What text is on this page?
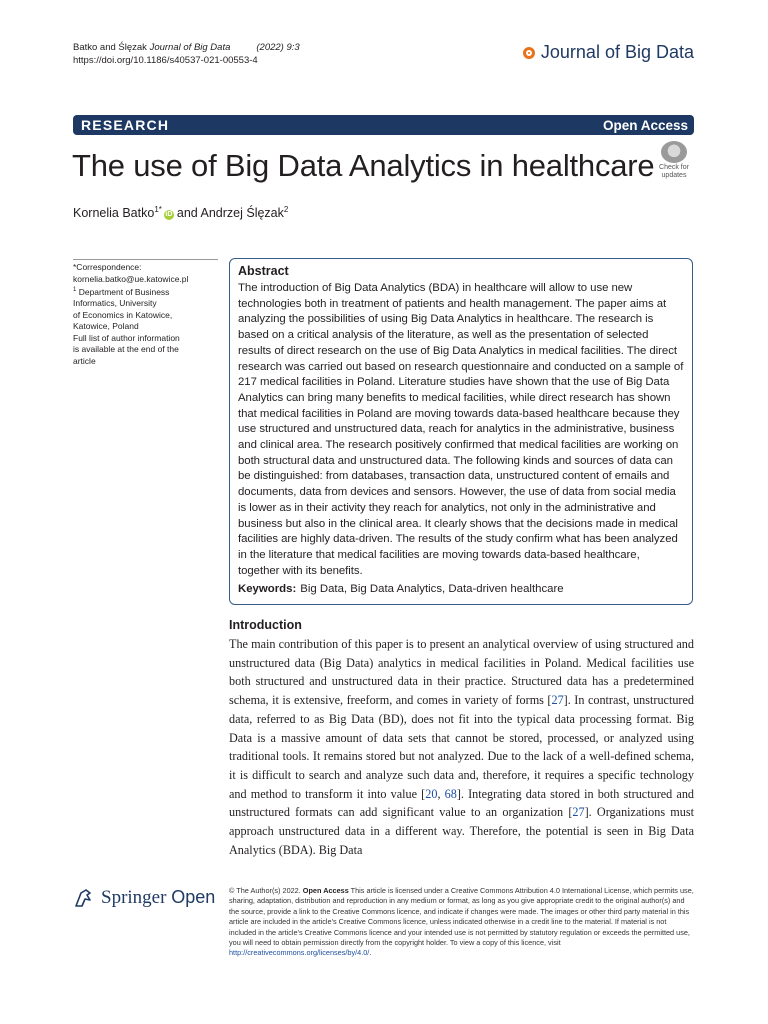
Batko and Ślęzak Journal of Big Data	(2022) 9:3
https://doi.org/10.1186/s40537-021-00553-4	Journal of Big Data
RESEARCH	Open Access
The use of Big Data Analytics in healthcare Check for
updates
Kornelia Batko$^{1*}$iD and Andrzej Ślęzak$^2$
*Correspondence:
kornelia.batko@ue.katowice.pl
$^1$ Department of Business
Informatics, University
of Economics in Katowice,
Katowice, Poland
Full list of author information
is available at the end of the
article
Abstract

The introduction of Big Data Analytics (BDA) in healthcare will allow to use new technologies both in treatment of patients and health management. The paper aims at analyzing the possibilities of using Big Data Analytics in healthcare. The research is based on a critical analysis of the literature, as well as the presentation of selected results of direct research on the use of Big Data Analytics in medical facilities. The direct research was carried out based on research questionnaire and conducted on a sample of 217 medical facilities in Poland. Literature studies have shown that the use of Big Data Analytics can bring many benefits to medical facilities, while direct research has shown that medical facilities in Poland are moving towards data-based healthcare because they use structured and unstructured data, reach for analytics in the administrative, business and clinical area. The research positively confirmed that medical facilities are working on both structural data and unstructured data. The following kinds and sources of data can be distinguished: from databases, transaction data, unstructured content of emails and documents, data from devices and sensors. However, the use of data from social media is lower as in their activity they reach for analytics, not only in the administrative and business but also in the clinical area. It clearly shows that the decisions made in medical facilities are highly data-driven. The results of the study confirm what has been analyzed in the literature that medical facilities are moving towards data-based healthcare, together with its benefits.

Keywords: Big Data, Big Data Analytics, Data-driven healthcare
Introduction

The main contribution of this paper is to present an analytical overview of using structured and unstructured data (Big Data) analytics in medical facilities in Poland. Medical facilities use both structured and unstructured data in their practice. Structured data has a predetermined schema, it is extensive, freeform, and comes in variety of forms [27]. In contrast, unstructured data, referred to as Big Data (BD), does not fit into the typical data processing format. Big Data is a massive amount of data sets that cannot be stored, processed, or analyzed using traditional tools. It remains stored but not analyzed. Due to the lack of a well-defined schema, it is difficult to search and analyze such data and, therefore, it requires a specific technology and method to transform it into value [20, 68]. Integrating data stored in both structured and unstructured formats can add significant value to an organization [27]. Organizations must approach unstructured data in a different way. Therefore, the potential is seen in Big Data Analytics (BDA). Big Data

Springer Open © The Author(s) 2022. Open Access This article is licensed under a Creative Commons Attribution 4.0 International License, which permits use, sharing, adaptation, distribution and reproduction in any medium or format, as long as you give appropriate credit to the original author(s) and the source, provide a link to the Creative Commons licence, and indicate if changes were made. The images or other third party material in this article are included in the article's Creative Commons licence, unless indicated otherwise in a credit line to the material. If material is not included in the article's Creative Commons licence and your intended use is not permitted by statutory regulation or exceeds the permitted use, you will need to obtain permission directly from the copyright holder. To view a copy of this licence, visit http://creativecommons.org/licenses/by/4.0/.
